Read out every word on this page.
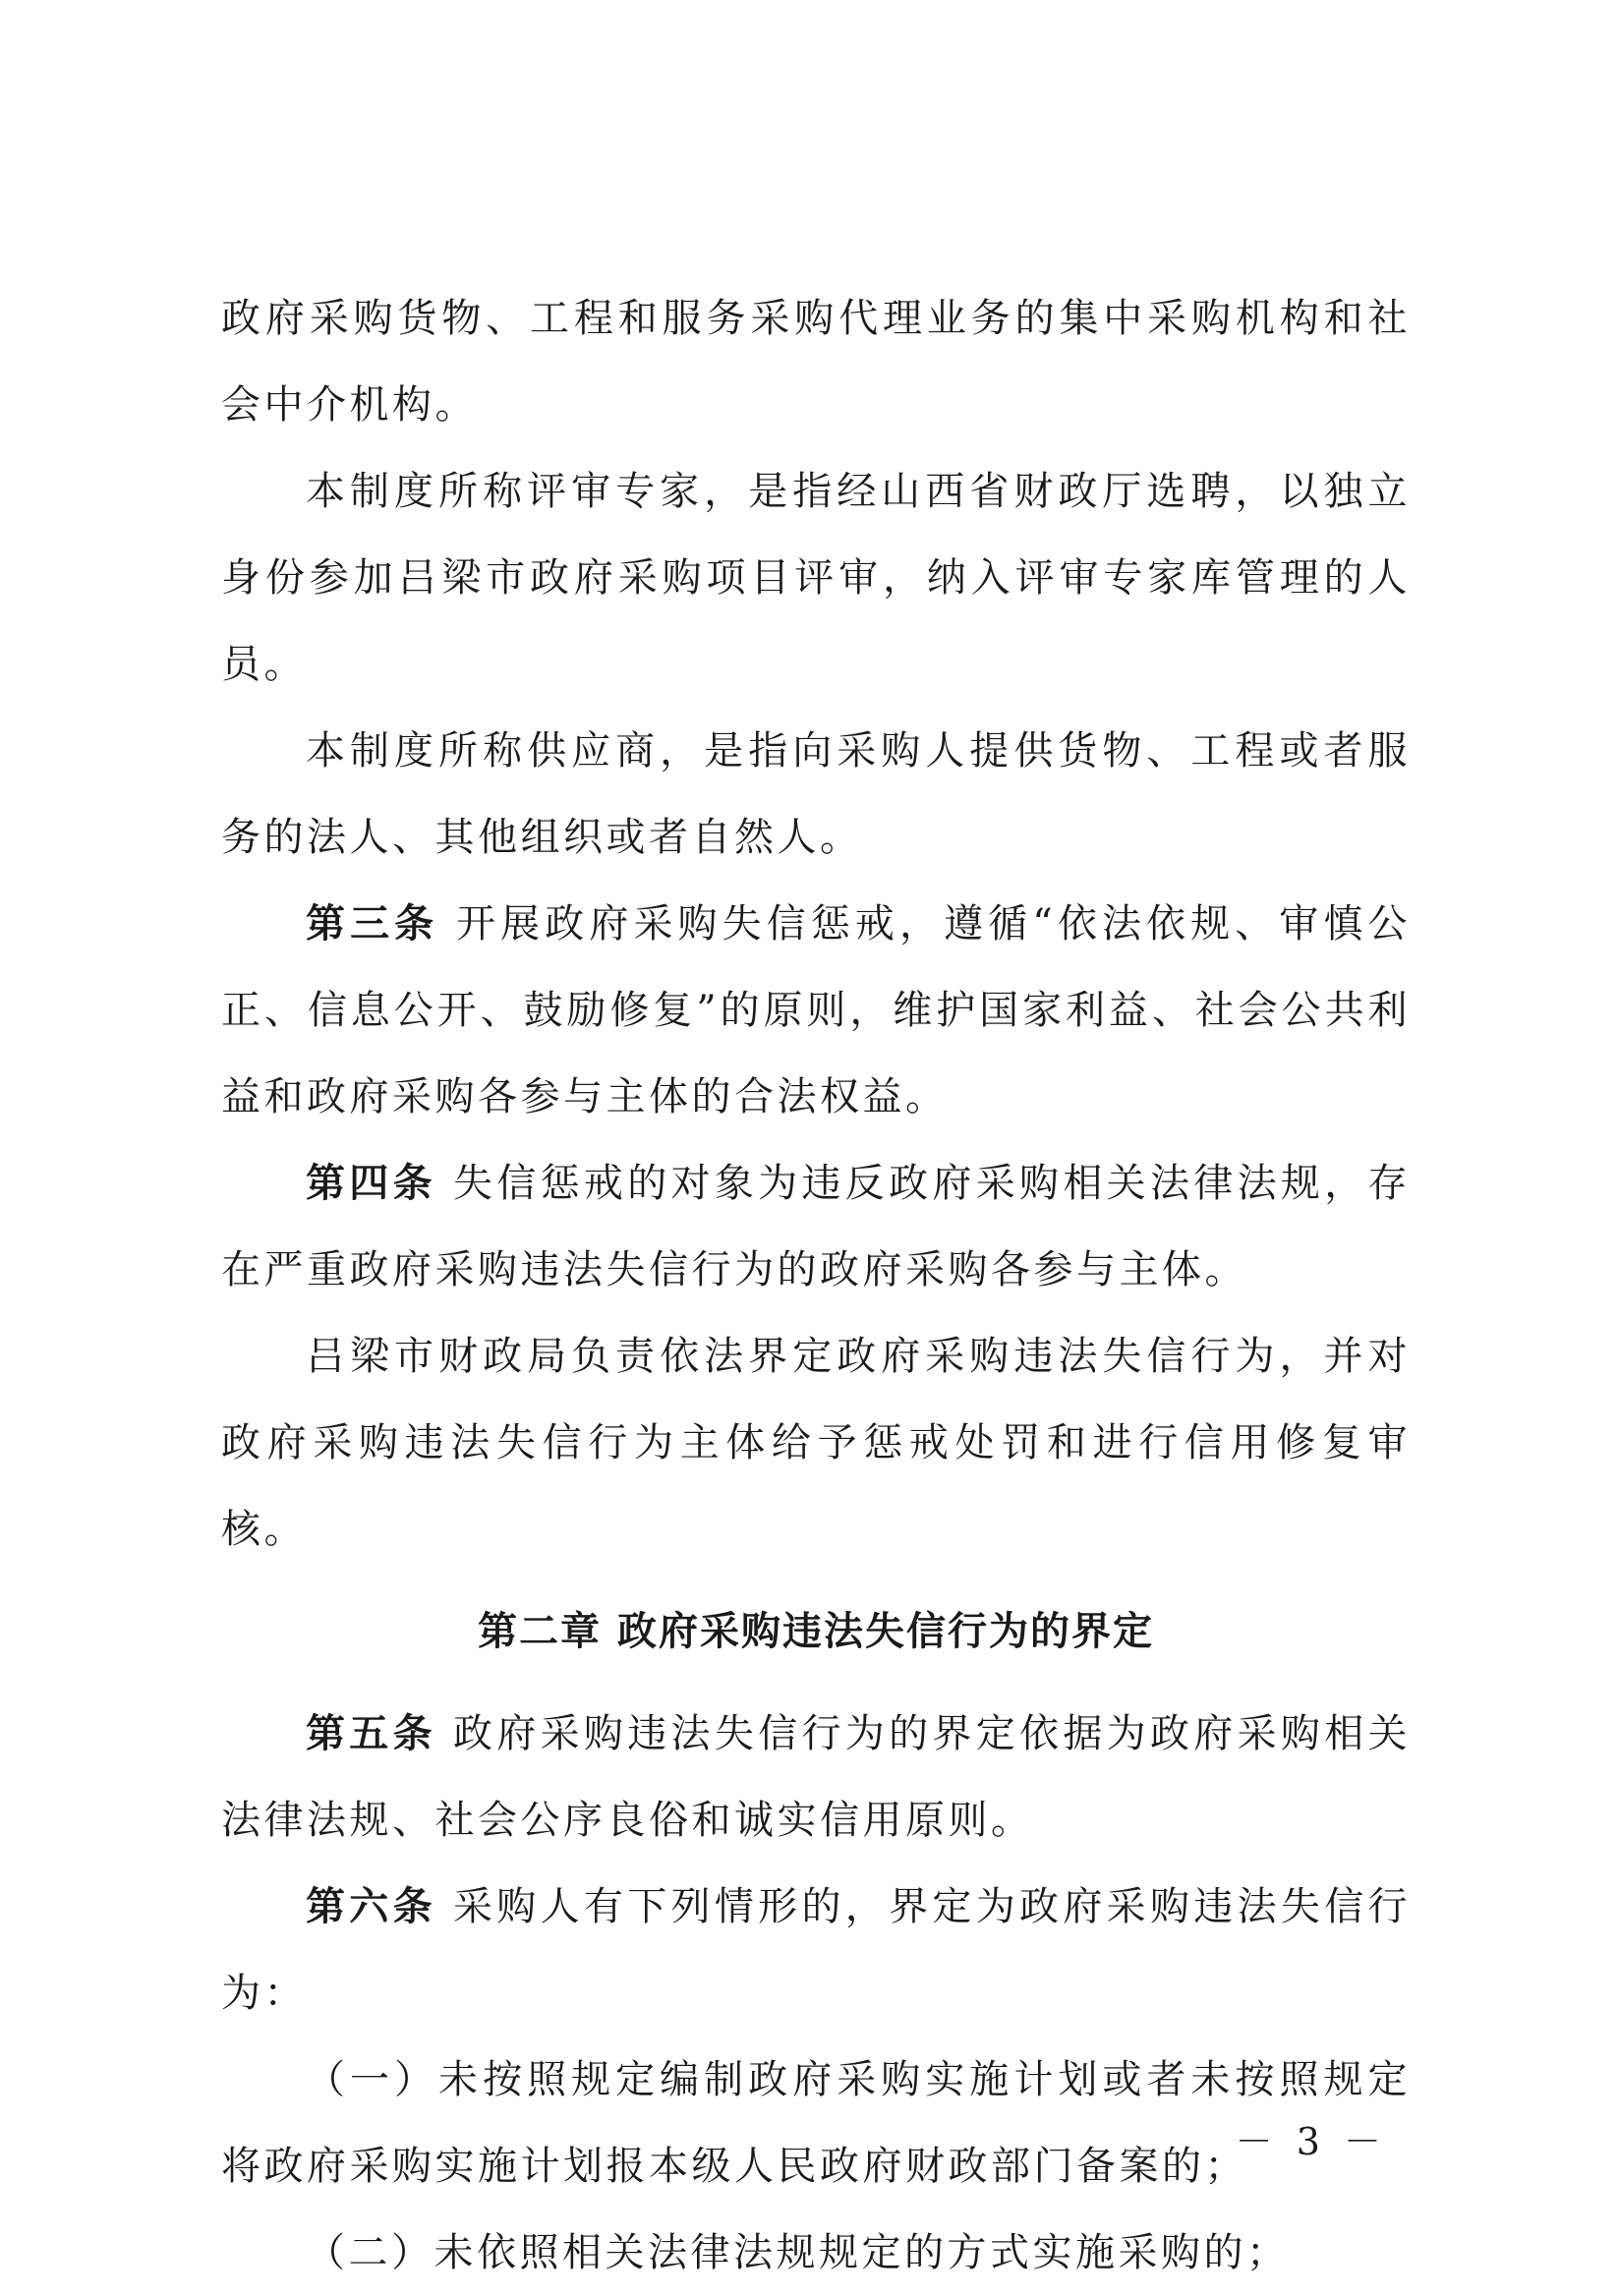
政府采购货物、工程和服务采购代理业务的集中采购机构和社会中介机构。

本制度所称评审专家，是指经山西省财政厅选聘，以独立身份参加吕梁市政府采购项目评审，纳入评审专家库管理的人员。

本制度所称供应商，是指向采购人提供货物、工程或者服务的法人、其他组织或者自然人。

第三条 开展政府采购失信惩戒，遵循“依法依规、审慎公正、信息公开、鼓励修复”的原则，维护国家利益、社会公共利益和政府采购各参与主体的合法权益。

第四条 失信惩戒的对象为违反政府采购相关法律法规，存在严重政府采购违法失信行为的政府采购各参与主体。

吕梁市财政局负责依法界定政府采购违法失信行为，并对政府采购违法失信行为主体给予惩戒处罚和进行信用修复审核。

第二章 政府采购违法失信行为的界定

第五条 政府采购违法失信行为的界定依据为政府采购相关法律法规、社会公序良俗和诚实信用原则。

第六条 采购人有下列情形的，界定为政府采购违法失信行为：

（一）未按照规定编制政府采购实施计划或者未按照规定将政府采购实施计划报本级人民政府财政部门备案的；

（二）未依照相关法律法规规定的方式实施采购的；

－ 3 －
